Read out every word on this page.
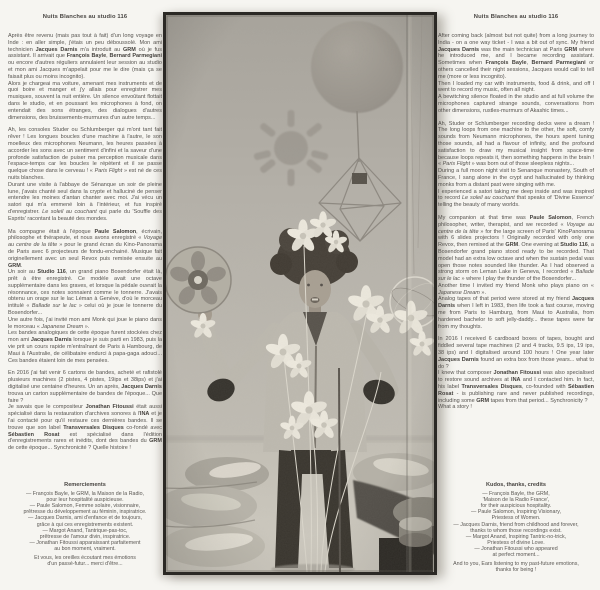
Nuits Blanches au studio 116

Après être revenu (mais pas tout à fait) d'un long voyage en Inde : en aller simple, j'étais un peu déboussolé. Mon ami technicien Jacques Darnis m'a introduit au GRM où je fus assistant. Il arrivait que François Bayle, Bernard Parmegiani ou encore d'autres réguliers annulaient leur session au studio et mon ami Jacques m'appelait pour me le dire (mais ça se faisait plus ou moins incognito).

Alors je chargeai ma voiture, amenant mes instruments et de quoi boire et manger et j'y allais pour enregistrer mes musiques, souvent la nuit entière. Un silence envoûtant flottait dans le studio, et en poussant les microphones à fond, on entendait des sons étranges, des dialogues d'autres dimensions, des bruissements-murmures d'un autre temps...

Ah, les consoles Studer ou Schlumberger qui m'ont tant fait rêver ! Les longues boucles d'une machine à l'autre, le son moelleux des microphones Neumann, les heures passées à accorder les sons avec un sentiment d'infini et la saveur d'une profonde satisfaction de puiser ma perception musicale dans l'espace-temps car les boucles le répètent et il se passe quelque chose dans le cerveau ! « Paris Flight » est né de ces nuits blanches.

Durant une visite à l'abbaye de Sénanque un soir de pleine lune, j'avais chanté seul dans la crypte et halluciné de penser entendre les moines d'antan chanter avec moi. J'ai vécu un satori qui m'a emmené loin à l'intérieur, et fus inspiré d'enregistrer. Le soleil au couchant qui parle du 'Souffle des Esprits' racontant la beauté des mondes.

Ma compagne était à l'époque Paule Salomon, écrivain, philosophe et thérapeute, et nous avons enregistré « Voyage au centre de la tête » pour le grand écran du Kino-Panorama de Paris avec 6 projecteurs de fondu-enchainé. Musique fait originellement avec un seul Revox puis remixée ensuite au GRM.

Un soir au Studio 116, un grand piano Bosendorfer était là, prêt à être enregistré. Ce modèle avait une octave supplémentaire dans les graves, et lorsque la pédale ouvrait la résonnance, ces notes sonnaient comme le tonnerre. J'avais obtenu un orage sur le lac Léman à Genève, d'où le morceau intitulé « Ballade sur le lac » celui où je joue le tonnerre du Bosendorfer...

Une autre fois, j'ai invité mon ami Monk qui joue le piano dans le morceau « Japanese Dream ».

Les bandes analogiques de cette époque furent stockées chez mon ami Jacques Darnis lorsque je suis parti en 1983, puis la vie prit un cours rapide m'entraînant de Paris à Hambourg, de Maui à l'Australie, de célibataire endurci à papa-gaga adouci... Ces bandes étaient loin de mes pensées.

En 2016 j'ai fait venir 6 cartons de bandes, acheté et rafistolé plusieurs machines (2 pistes, 4 pistes, 19ips et 38ips) et j'ai digitalisé une centaine d'heures. Un an après, Jacques Darnis trouva un carton supplémentaire de bandes de l'époque... Que faire ?

Je savais que le compositeur Jonathan Fitoussi était aussi spécialisé dans la restauration d'archives sonores à l'INA et je l'ai contacté pour qu'il restaure ces dernières bandes. Il se trouve que son label Transversales Disques co-fondé avec Sébastien Rosat est spécialisé dans l'édition d'enregistrements rares et inédits, dont des bandes du GRM de cette époque... Synchronicité ? Quelle histoire !

Remerciements
— François Bayle, le GRM, la Maison de la Radio,
pour leur hospitalité auspicieuse.
— Paule Salomon, Femme solaire, visionnaire,
prêtresse du développement au féminin, inspiratrice.
— Jacques Darnis, ami d'enfance et de toujours,
grâce à qui ces enregistrements existent.
— Margot Anand, Tantrique-pas-toc,
prêtresse de l'amour divin, inspiratrice.
— Jonathan Fitoussi apparaissant parfaitement
au bon moment, vraiment.
Et vous, les oreilles écoutant mes émotions
d'un passé-futur... merci d'être...
Nuits Blanches au studio 116

After coming back (almost but not quite) from a long journey to India - on a one way ticket - I was a bit out of sync. My friend Jacques Darnis was the main technician at Paris GRM where he introduced me, and I became recording assistant. Sometimes when François Bayle, Bernard Parmegiani or others cancelled their night sessions, Jacques would call to tell me (more or less incognito).

Then I loaded my car with instruments, food & drink, and off I went to record my music, often all night.

A bewitching silence floated in the studio and at full volume the microphones captured strange sounds, conversations from other dimensions, rustles-murmurs of Akashic times...

Ah, Studer or Schlumberger recording decks were a dream ! The long loops from one machine to the other, the soft, comfy sounds from Neumann microphones, the hours spent tuning those sounds, all had a flavour of infinity, and the profound satisfaction to draw my musical insight from space-time because loops repeats it, then something happens in the brain ! « Paris Flight » was born out of those sleepless nights...

During a full moon night visit to Senanque monastery, South of France, I sang alone in the crypt and hallucinated by thinking monks from a distant past were singing with me.

I experienced a satori taking me deep inside and was inspired to record Le soleil au couchant that speaks of 'Divine Essence' telling the beauty of many worlds.

My companion at that time was Paule Salomon, French philosopher, writer, therapist, and we recorded « Voyage au centre de la tête » for the large screen of Paris' KinoPanorama with 6 slides projectors ! Originally recorded with only one Revox, then remixed at the GRM. One evening at Studio 116, a Bosendorfer grand piano stood ready to be recorded. That model had an extra low octave and when the sustain pedal was open those notes sounded like thunder. As I had observed a strong storm on Leman Lake in Geneva, I recorded « Ballade sur le lac » where I play the thunder of the Bosendorfer...

Another time I invited my friend Monk who plays piano on « Japanese Dream ».

Analog tapes of that period were stored at my friend Jacques Darnis when I left in 1983, then life took a fast course, moving me from Paris to Hamburg, from Maui to Australia, from hardened bachelor to soft jelly-daddy... these tapes were far from my thoughts.

In 2016 I received 6 cardboard boxes of tapes, bought and fiddled several tape machines (2 and 4 tracks, 9.5 ips, 19 ips, 38 ips) and I digitalised around 100 hours ! One year later Jacques Darnis found an extra box from those years... what to do ?

I knew that composer Jonathan Fitoussi was also specialised to restore sound archives at INA and I contacted him. In fact, his label Transversales Disques, co-founded with Sébastien Rosat - is publishing rare and never published recordings, including some GRM tapes from that period... Synchronicity ?

What a story !

Kudos, thanks, credits
— François Bayle, the GRM,
'Maison de la Radio France',
for their auspicious hospitality.
— Paule Salomon, Inspiring Visionary,
Priestess of Women.
— Jacques Darnis, friend from childhood and forever,
thanks to whom those recordings exist.
— Margot Anand, Inspiring Tantric-no-trick,
Priestess of divine Love.
— Jonathan Fitoussi who appeared
at perfect moment...
And to you, Ears listening to my past-future emotions,
thanks for being !
